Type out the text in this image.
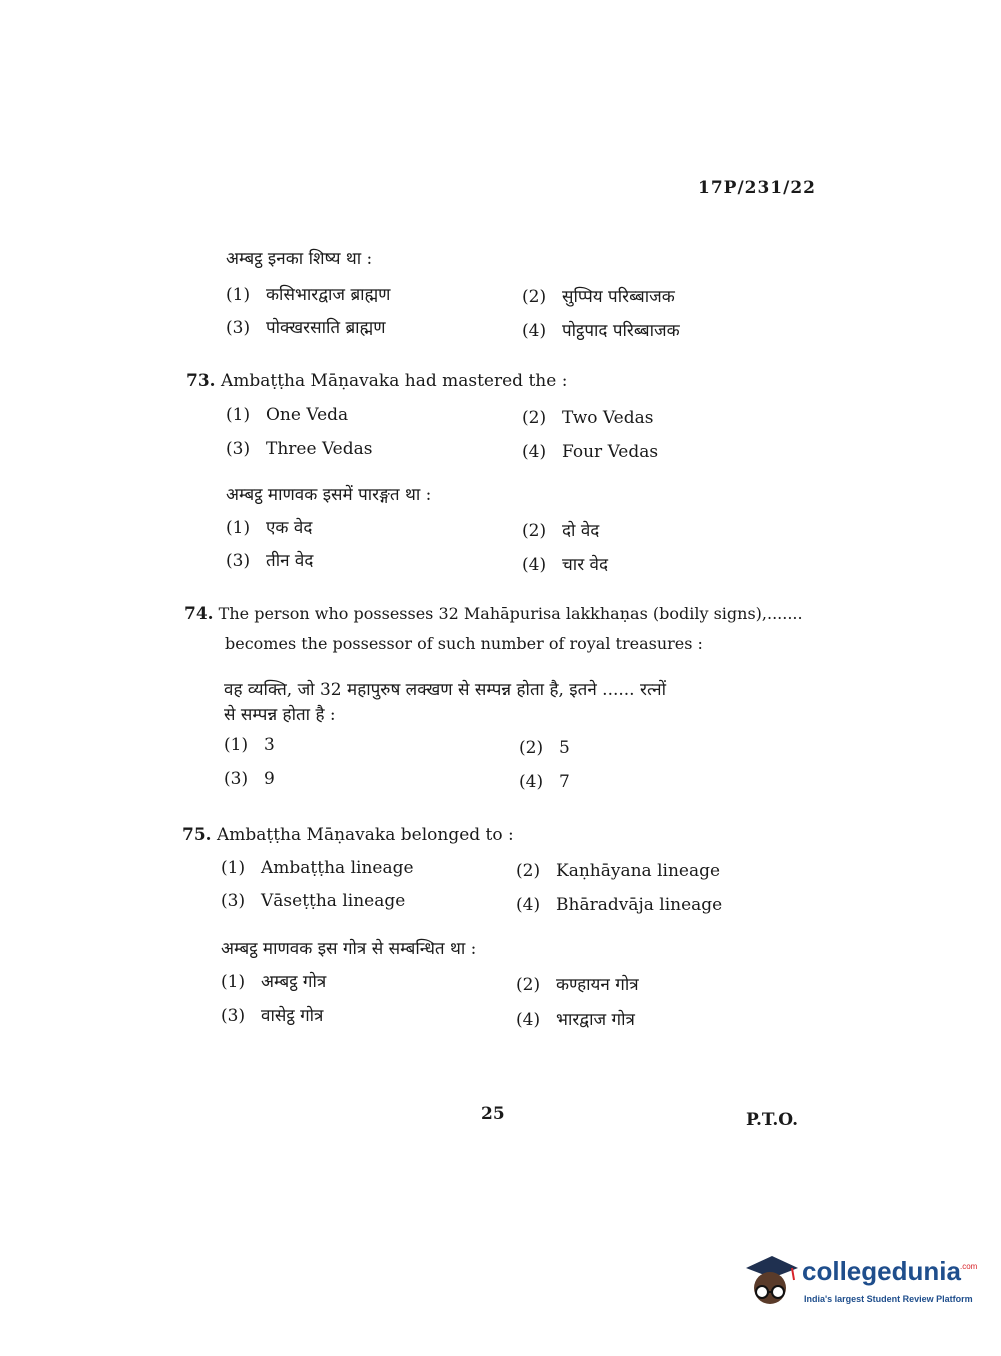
17P/231/22
अम्बट्ठ इनका शिष्य था :
(1) कसिभारद्वाज ब्राह्मण	(2) सुप्पिय परिब्बाजक
(3) पोक्खरसाति ब्राह्मण	(4) पोट्ठपाद परिब्बाजक
73. Ambaṭṭha Māṇavaka had mastered the :
(1) One Veda	(2) Two Vedas
(3) Three Vedas	(4) Four Vedas
अम्बट्ठ माणवक इसमें पारङ्गत था :
(1) एक वेद	(2) दो वेद
(3) तीन वेद	(4) चार वेद
74. The person who possesses 32 Mahāpurisa lakkhaṇas (bodily signs),.......
becomes the possessor of such number of royal treasures :
वह व्यक्ति, जो 32 महापुरुष लक्खण से सम्पन्न होता है, इतने ...... रत्नों
से सम्पन्न होता है :
(1) 3	(2) 5
(3) 9	(4) 7
75. Ambaṭṭha Māṇavaka belonged to :
(1) Ambaṭṭha lineage	(2) Kaṇhāyana lineage
(3) Vāseṭṭha lineage	(4) Bhāradvāja lineage
अम्बट्ठ माणवक इस गोत्र से सम्बन्धित था :
(1) अम्बट्ठ गोत्र	(2) कण्हायन गोत्र
(3) वासेट्ठ गोत्र	(4) भारद्वाज गोत्र
25	P.T.O.
collegedunia .com
India's largest Student Review Platform
